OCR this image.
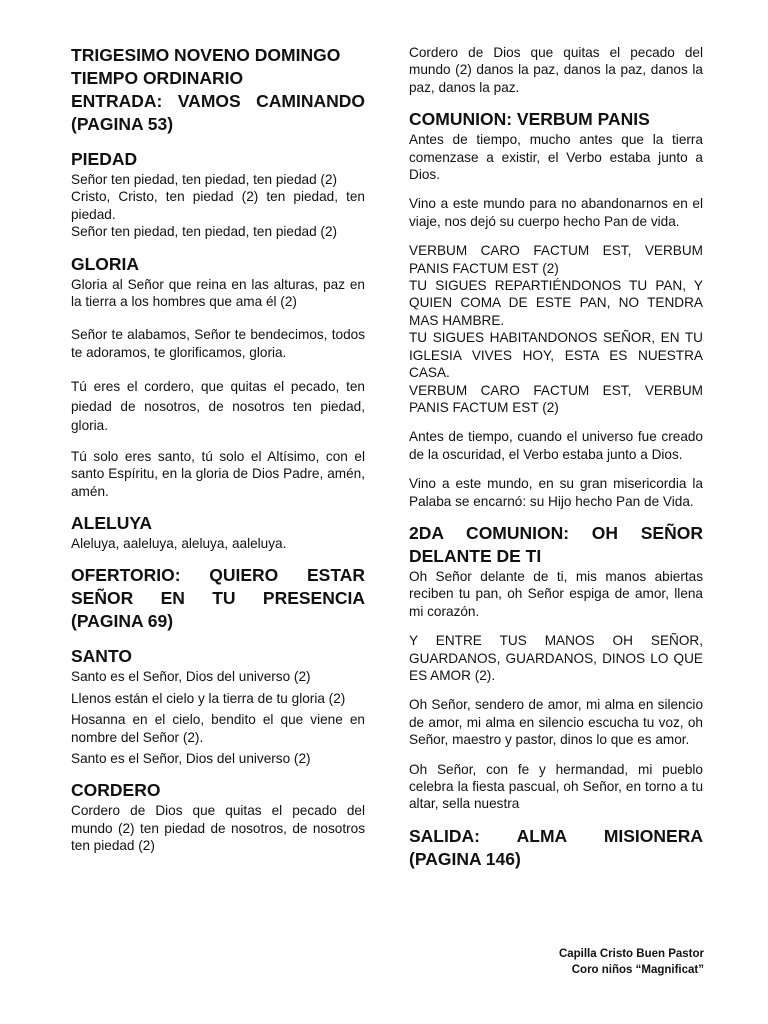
TRIGESIMO NOVENO DOMINGO

TIEMPO ORDINARIO

ENTRADA: VAMOS CAMINANDO (PAGINA 53)

PIEDAD

Señor ten piedad, ten piedad, ten piedad (2)

Cristo, Cristo, ten piedad (2) ten piedad, ten piedad.

Señor ten piedad, ten piedad, ten piedad (2)

GLORIA

Gloria al Señor que reina en las alturas, paz en la tierra a los hombres que ama él (2)

Señor te alabamos, Señor te bendecimos, todos te adoramos, te glorificamos, gloria.

Tú eres el cordero, que quitas el pecado, ten piedad de nosotros, de nosotros ten piedad, gloria.

Tú solo eres santo, tú solo el Altísimo, con el santo Espíritu, en la gloria de Dios Padre, amén, amén.

ALELUYA

Aleluya, aaleluya, aleluya, aaleluya.

OFERTORIO: QUIERO ESTAR SEÑOR EN TU PRESENCIA (PAGINA 69)

SANTO

Santo es el Señor, Dios del universo (2)

Llenos están el cielo y la tierra de tu gloria (2)

Hosanna en el cielo, bendito el que viene en nombre del Señor (2).

Santo es el Señor, Dios del universo (2)

CORDERO

Cordero de Dios que quitas el pecado del mundo (2) ten piedad de nosotros, de nosotros ten piedad (2)

Cordero de Dios que quitas el pecado del mundo (2) danos la paz, danos la paz, danos la paz, danos la paz.

COMUNION: VERBUM PANIS

Antes de tiempo, mucho antes que la tierra comenzase a existir, el Verbo estaba junto a Dios.

Vino a este mundo para no abandonarnos en el viaje, nos dejó su cuerpo hecho Pan de vida.

VERBUM CARO FACTUM EST, VERBUM PANIS FACTUM EST (2)

TU SIGUES REPARTIÉNDONOS TU PAN, Y QUIEN COMA DE ESTE PAN, NO TENDRA MAS HAMBRE.

TU SIGUES HABITANDONOS SEÑOR, EN TU IGLESIA VIVES HOY, ESTA ES NUESTRA CASA.

VERBUM CARO FACTUM EST, VERBUM PANIS FACTUM EST (2)

Antes de tiempo, cuando el universo fue creado de la oscuridad, el Verbo estaba junto a Dios.

Vino a este mundo, en su gran misericordia la Palaba se encarnó: su Hijo hecho Pan de Vida.

2DA COMUNION: OH SEÑOR

DELANTE DE TI

Oh Señor delante de ti, mis manos abiertas reciben tu pan, oh Señor espiga de amor, llena mi corazón.

Y ENTRE TUS MANOS OH SEÑOR, GUARDANOS, GUARDANOS, DINOS LO QUE ES AMOR (2).

Oh Señor, sendero de amor, mi alma en silencio de amor, mi alma en silencio escucha tu voz, oh Señor, maestro y pastor, dinos lo que es amor.

Oh Señor, con fe y hermandad, mi pueblo celebra la fiesta pascual, oh Señor, en torno a tu altar, sella nuestra

SALIDA: ALMA MISIONERA (PAGINA 146)

Capilla Cristo Buen Pastor
Coro niños “Magnificat”
